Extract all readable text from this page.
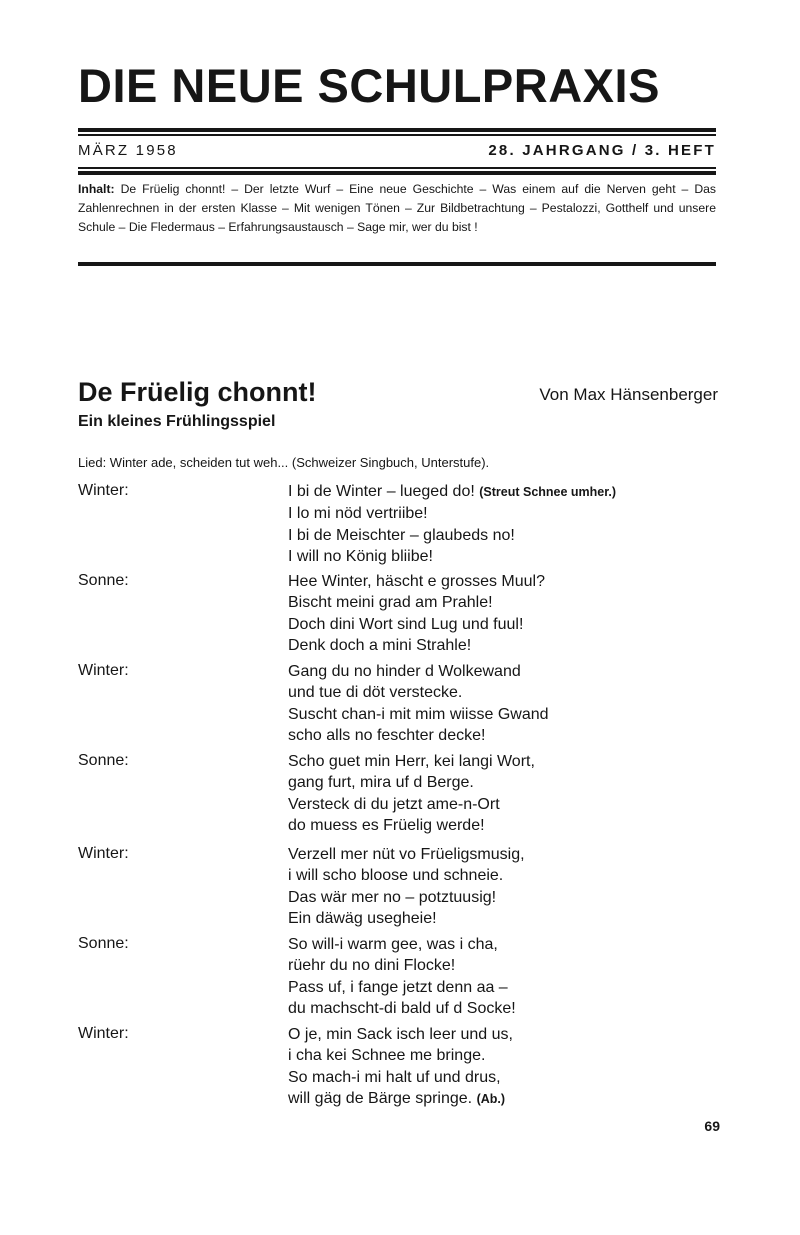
DIE NEUE SCHULPRAXIS
MÄRZ 1958	28. JAHRGANG / 3. HEFT
Inhalt: De Früelig chonnt! – Der letzte Wurf – Eine neue Geschichte – Was einem auf die Nerven geht – Das Zahlenrechnen in der ersten Klasse – Mit wenigen Tönen – Zur Bildbetrachtung – Pestalozzi, Gotthelf und unsere Schule – Die Fledermaus – Erfahrungsaustausch – Sage mir, wer du bist !
De Früelig chonnt!	Von Max Hänsenberger
Ein kleines Frühlingsspiel
Lied: Winter ade, scheiden tut weh... (Schweizer Singbuch, Unterstufe).
Winter:	I bi de Winter – lueged do! (Streut Schnee umher.)
I lo mi nöd vertriibe!
I bi de Meischter – glaubeds no!
I will no König bliibe!
Sonne:	Hee Winter, häscht e grosses Muul?
Bischt meini grad am Prahle!
Doch dini Wort sind Lug und fuul!
Denk doch a mini Strahle!
Winter:	Gang du no hinder d Wolkewand
und tue di döt verstecke.
Suscht chan-i mit mim wiisse Gwand
scho alls no feschter decke!
Sonne:	Scho guet min Herr, kei langi Wort,
gang furt, mira uf d Berge.
Versteck di du jetzt ame-n-Ort
do muess es Früelig werde!
Winter:	Verzell mer nüt vo Früeligsmusig,
i will scho bloose und schneie.
Das wär mer no – potztuusig!
Ein däwäg usegheie!
Sonne:	So will-i warm gee, was i cha,
rüehr du no dini Flocke!
Pass uf, i fange jetzt denn aa –
du machscht-di bald uf d Socke!
Winter:	O je, min Sack isch leer und us,
i cha kei Schnee me bringe.
So mach-i mi halt uf und drus,
will gäg de Bärge springe. (Ab.)
69
